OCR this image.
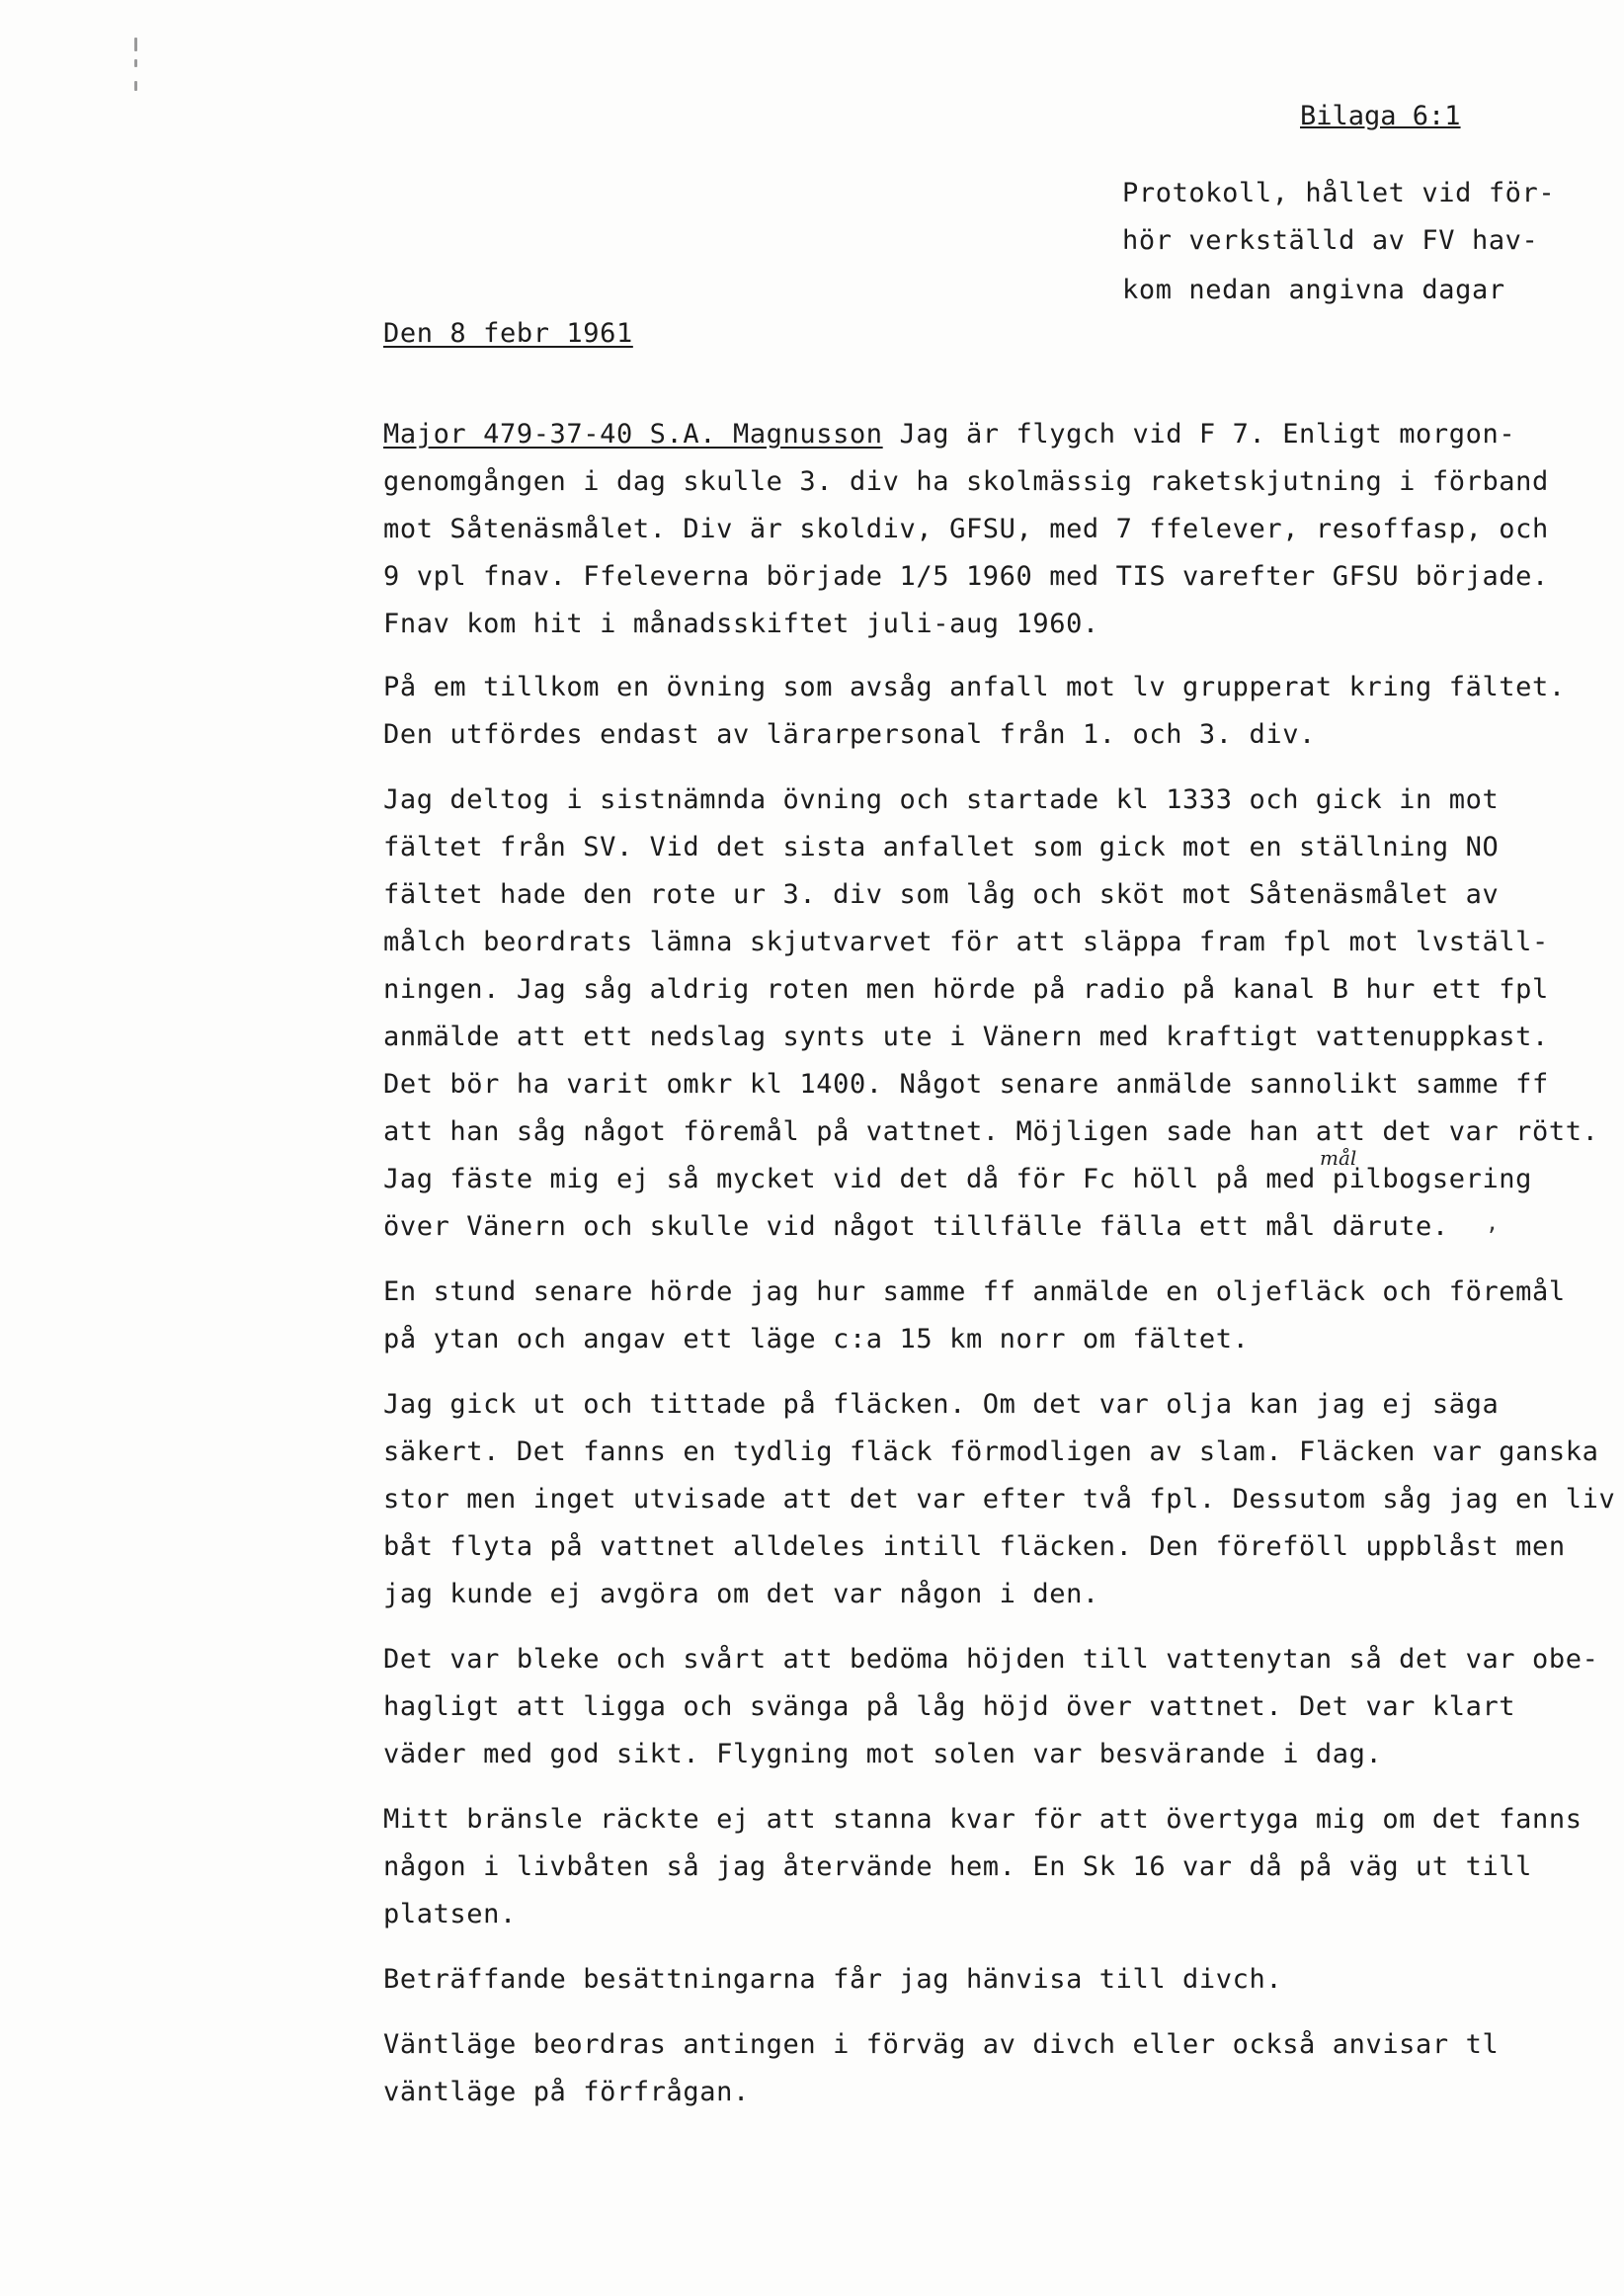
Bilaga 6:1
Protokoll, hållet vid för-
hör verkställd av FV hav-
kom nedan angivna dagar
Den 8 febr 1961
Major 479-37-40 S.A. Magnusson Jag är flygch vid F 7. Enligt morgon-
genomgången i dag skulle 3. div ha skolmässig raketskjutning i förband
mot Såtenäsmålet. Div är skoldiv, GFSU, med 7 ffelever, resoffasp, och
9 vpl fnav. Ffeleverna började 1/5 1960 med TIS varefter GFSU började.
Fnav kom hit i månadsskiftet juli-aug 1960.
På em tillkom en övning som avsåg anfall mot lv grupperat kring fältet.
Den utfördes endast av lärarpersonal från 1. och 3. div.
Jag deltog i sistnämnda övning och startade kl 1333 och gick in mot
fältet från SV. Vid det sista anfallet som gick mot en ställning NO
fältet hade den rote ur 3. div som låg och sköt mot Såtenäsmålet av
målch beordrats lämna skjutvarvet för att släppa fram fpl mot lvställ-
ningen. Jag såg aldrig roten men hörde på radio på kanal B hur ett fpl
anmälde att ett nedslag synts ute i Vänern med kraftigt vattenuppkast.
Det bör ha varit omkr kl 1400. Något senare anmälde sannolikt samme ff
att han såg något föremål på vattnet. Möjligen sade han att det var rött.
Jag fäste mig ej så mycket vid det då för Fc höll på med pilbogsering
över Vänern och skulle vid något tillfälle fälla ett mål därute.
mål
,
En stund senare hörde jag hur samme ff anmälde en oljefläck och föremål
på ytan och angav ett läge c:a 15 km norr om fältet.
Jag gick ut och tittade på fläcken. Om det var olja kan jag ej säga
säkert. Det fanns en tydlig fläck förmodligen av slam. Fläcken var ganska
stor men inget utvisade att det var efter två fpl. Dessutom såg jag en liv
båt flyta på vattnet alldeles intill fläcken. Den föreföll uppblåst men
jag kunde ej avgöra om det var någon i den.
Det var bleke och svårt att bedöma höjden till vattenytan så det var obe-
hagligt att ligga och svänga på låg höjd över vattnet. Det var klart
väder med god sikt. Flygning mot solen var besvärande i dag.
Mitt bränsle räckte ej att stanna kvar för att övertyga mig om det fanns
någon i livbåten så jag återvände hem. En Sk 16 var då på väg ut till
platsen.
Beträffande besättningarna får jag hänvisa till divch.
Väntläge beordras antingen i förväg av divch eller också anvisar tl
väntläge på förfrågan.
